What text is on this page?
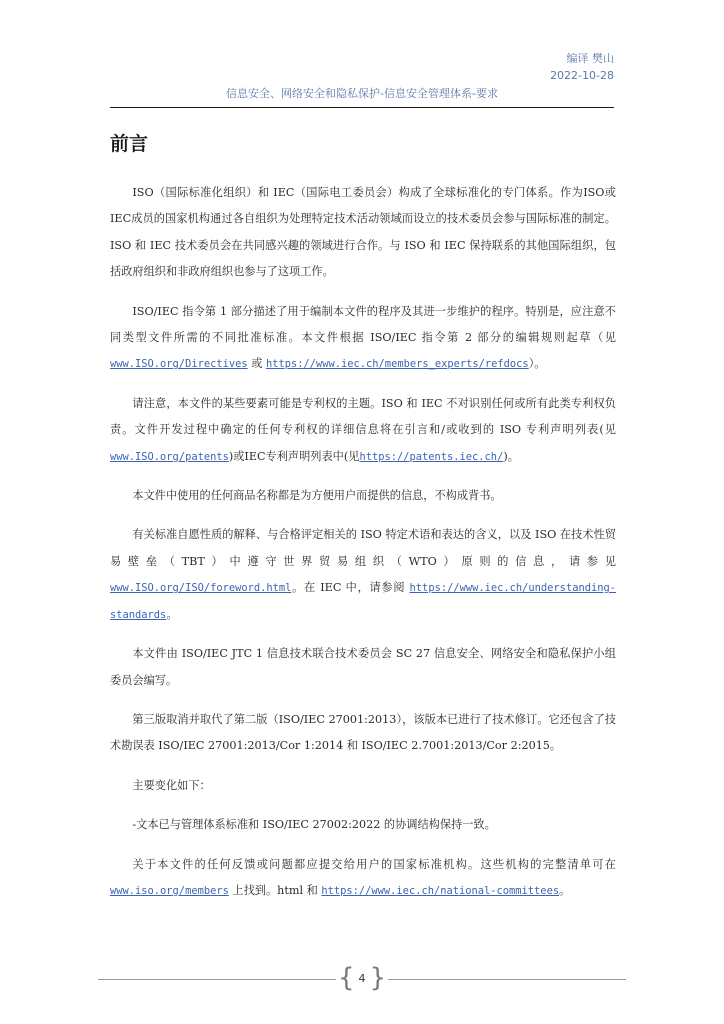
编译 樊山
2022-10-28
信息安全、网络安全和隐私保护-信息安全管理体系-要求
前言

ISO（国际标准化组织）和 IEC（国际电工委员会）构成了全球标准化的专门体系。作为ISO或IEC成员的国家机构通过各自组织为处理特定技术活动领域而设立的技术委员会参与国际标准的制定。ISO 和 IEC 技术委员会在共同感兴趣的领域进行合作。与 ISO 和 IEC 保持联系的其他国际组织，包括政府组织和非政府组织也参与了这项工作。

ISO/IEC 指令第 1 部分描述了用于编制本文件的程序及其进一步维护的程序。特别是，应注意不同类型文件所需的不同批准标准。本文件根据 ISO/IEC 指令第 2 部分的编辑规则起草（见 www.ISO.org/Directives 或 https://www.iec.ch/members_experts/refdocs）。

请注意，本文件的某些要素可能是专利权的主题。ISO 和 IEC 不对识别任何或所有此类专利权负责。文件开发过程中确定的任何专利权的详细信息将在引言和/或收到的 ISO 专利声明列表(见www.ISO.org/patents)或IEC专利声明列表中(见https://patents.iec.ch/)。

本文件中使用的任何商品名称都是为方便用户而提供的信息，不构成背书。

有关标准自愿性质的解释、与合格评定相关的 ISO 特定术语和表达的含义，以及 ISO 在技术性贸易壁垒（TBT）中遵守世界贸易组织（WTO）原则的信息，请参见 www.ISO.org/ISO/foreword.html。在 IEC 中，请参阅 https://www.iec.ch/understanding-standards。

本文件由 ISO/IEC JTC 1 信息技术联合技术委员会 SC 27 信息安全、网络安全和隐私保护小组委员会编写。

第三版取消并取代了第二版（ISO/IEC 27001:2013），该版本已进行了技术修订。它还包含了技术勘误表 ISO/IEC 27001:2013/Cor 1:2014 和 ISO/IEC 2.7001:2013/Cor 2:2015。

主要变化如下：

-文本已与管理体系标准和 ISO/IEC 27002:2022 的协调结构保持一致。

关于本文件的任何反馈或问题都应提交给用户的国家标准机构。这些机构的完整清单可在 www.iso.org/members 上找到。html 和 https://www.iec.ch/national-committees。

{ 4 }
